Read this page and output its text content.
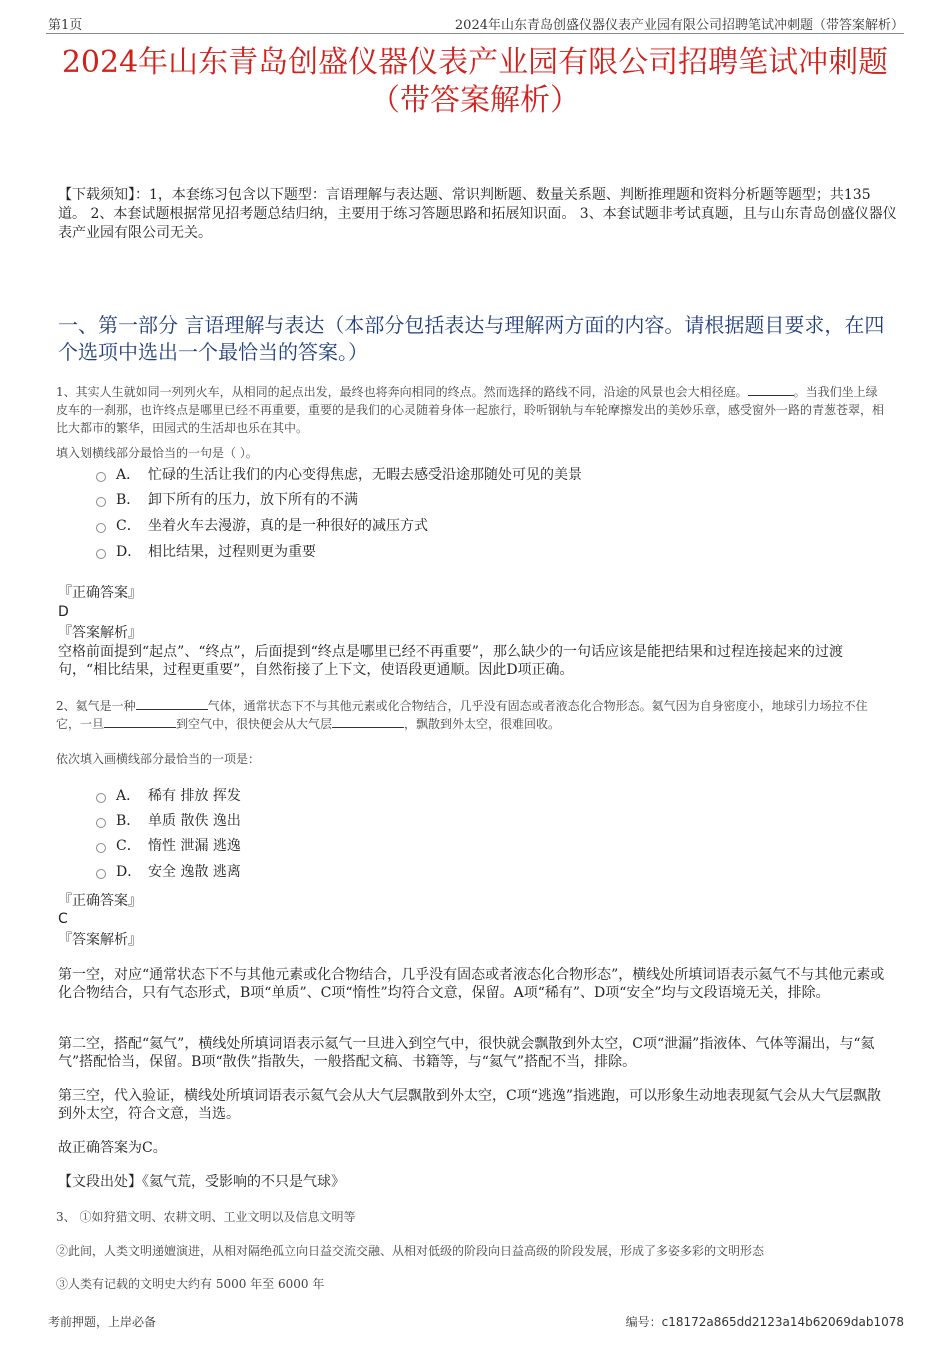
第1页	2024年山东青岛创盛仪器仪表产业园有限公司招聘笔试冲刺题（带答案解析）
2024年山东青岛创盛仪器仪表产业园有限公司招聘笔试冲刺题
（带答案解析）
【下载须知】：1，本套练习包含以下题型：言语理解与表达题、常识判断题、数量关系题、判断推理题和资料分析题等题型；共135道。 2、本套试题根据常见招考题总结归纳，主要用于练习答题思路和拓展知识面。 3、本套试题非考试真题，且与山东青岛创盛仪器仪表产业园有限公司无关。
一、第一部分 言语理解与表达（本部分包括表达与理解两方面的内容。请根据题目要求，在四个选项中选出一个最恰当的答案。）
1、其实人生就如同一列列火车，从相同的起点出发，最终也将奔向相同的终点。然而选择的路线不同，沿途的风景也会大相径庭。	。当我们坐上绿皮车的一刹那，也许终点是哪里已经不再重要，重要的是我们的心灵随着身体一起旅行，聆听钢轨与车轮摩擦发出的美妙乐章，感受窗外一路的青葱苍翠，相比大都市的繁华，田园式的生活却也乐在其中。
填入划横线部分最恰当的一句是（ ）。
A． 忙碌的生活让我们的内心变得焦虑，无暇去感受沿途那随处可见的美景
B． 卸下所有的压力，放下所有的不满
C． 坐着火车去漫游，真的是一种很好的减压方式
D． 相比结果，过程则更为重要
『正确答案』
D
『答案解析』
空格前面提到“起点”、“终点”，后面提到“终点是哪里已经不再重要”，那么缺少的一句话应该是能把结果和过程连接起来的过渡句，“相比结果，过程更重要”，自然衔接了上下文，使语段更通顺。因此D项正确。
2、氦气是一种	气体，通常状态下不与其他元素或化合物结合，几乎没有固态或者液态化合物形态。氦气因为自身密度小，地球引力场拉不住它，一旦	到空气中，很快便会从大气层	，飘散到外太空，很难回收。
依次填入画横线部分最恰当的一项是：
A． 稀有 排放 挥发
B． 单质 散佚 逸出
C． 惰性 泄漏 逃逸
D． 安全 逸散 逃离
『正确答案』
C
『答案解析』
第一空，对应“通常状态下不与其他元素或化合物结合，几乎没有固态或者液态化合物形态”，横线处所填词语表示氦气不与其他元素或化合物结合，只有气态形式，B项“单质”、C项“惰性”均符合文意，保留。A项“稀有”、D项“安全”均与文段语境无关，排除。
第二空，搭配“氦气”，横线处所填词语表示氦气一旦进入到空气中，很快就会飘散到外太空，C项“泄漏”指液体、气体等漏出，与“氦气”搭配恰当，保留。B项“散佚”指散失，一般搭配文稿、书籍等，与“氦气”搭配不当，排除。
第三空，代入验证，横线处所填词语表示氦气会从大气层飘散到外太空，C项“逃逸”指逃跑，可以形象生动地表现氦气会从大气层飘散到外太空，符合文意，当选。
故正确答案为C。
【文段出处】《氦气荒，受影响的不只是气球》
3、 ①如狩猎文明、农耕文明、工业文明以及信息文明等
②此间，人类文明递嬗演进，从相对隔绝孤立向日益交流交融、从相对低级的阶段向日益高级的阶段发展，形成了多姿多彩的文明形态
③人类有记载的文明史大约有 5000 年至 6000 年
考前押题，上岸必备	编号：c18172a865dd2123a14b62069dab1078
